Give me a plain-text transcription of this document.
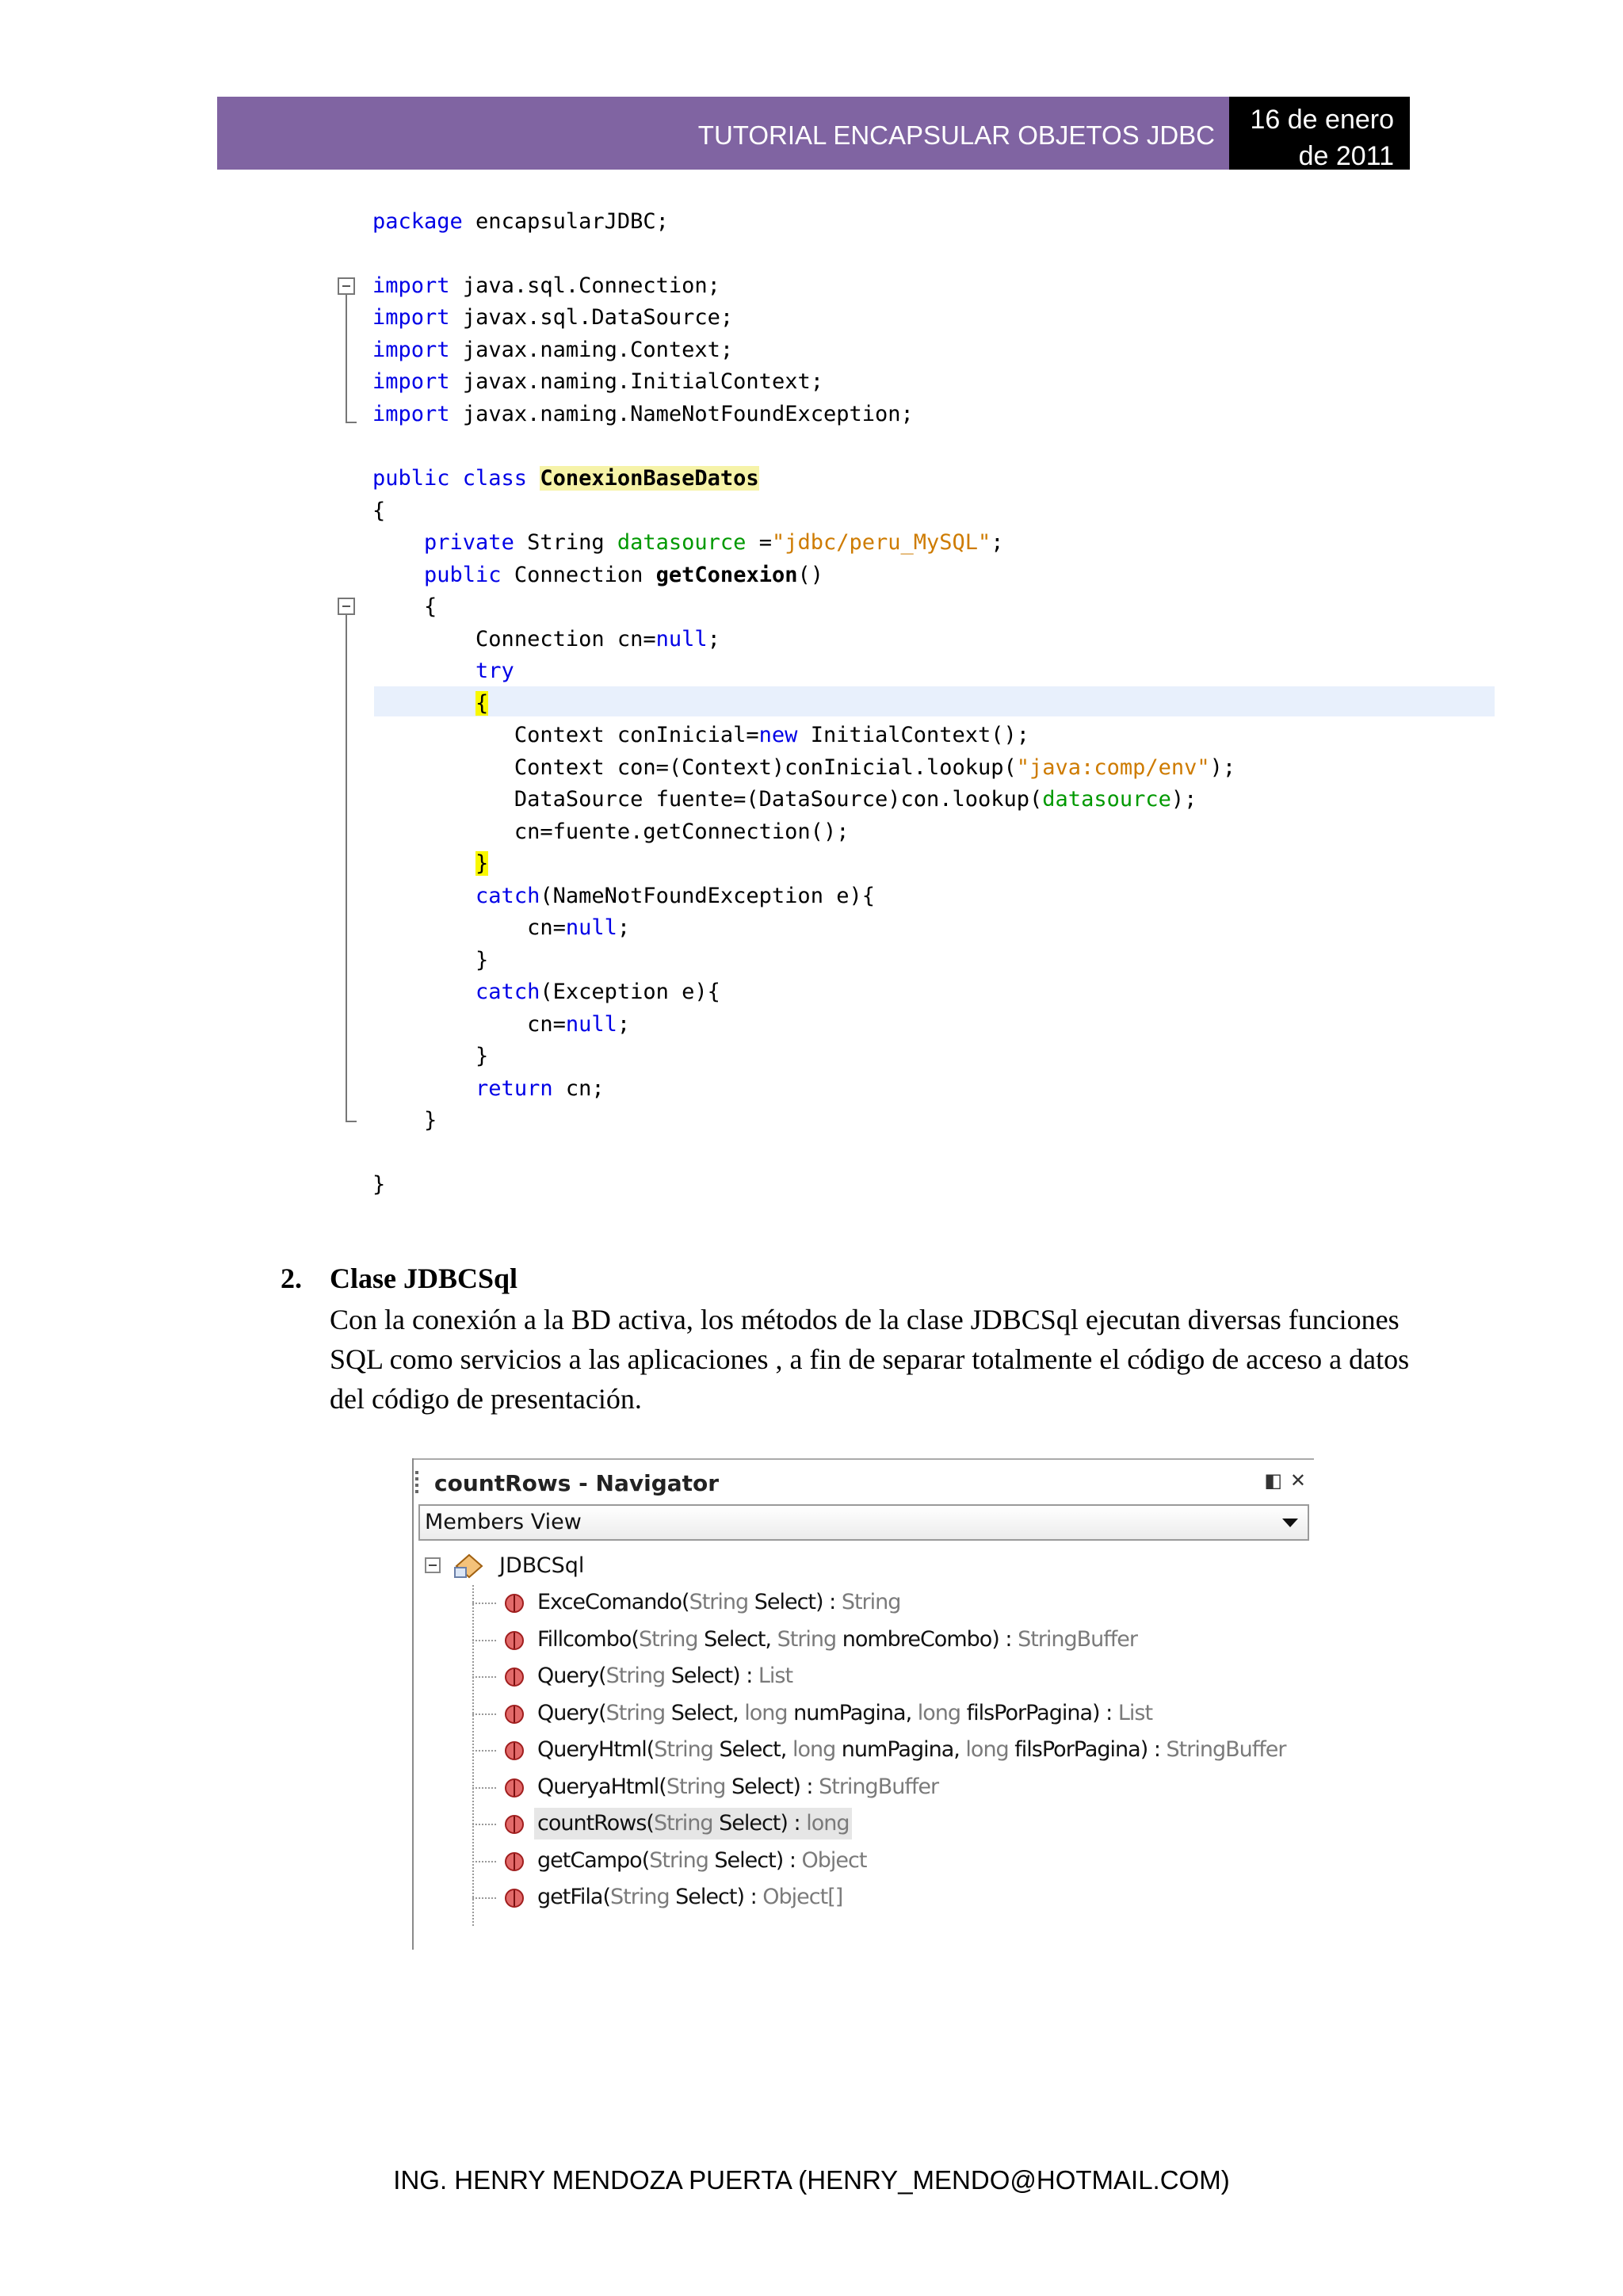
TUTORIAL ENCAPSULAR OBJETOS JDBC
16 de enero
de 2011
package encapsularJDBC;
import java.sql.Connection;
import javax.sql.DataSource;
import javax.naming.Context;
import javax.naming.InitialContext;
import javax.naming.NameNotFoundException;
public class ConexionBaseDatos
{
private String datasource ="jdbc/peru_MySQL";
public Connection getConexion()
{
Connection cn=null;
try
{
Context conInicial=new InitialContext();
Context con=(Context)conInicial.lookup("java:comp/env");
DataSource fuente=(DataSource)con.lookup(datasource);
cn=fuente.getConnection();
}
catch(NameNotFoundException e){
cn=null;
}
catch(Exception e){
cn=null;
}
return cn;
}
}
2. Clase JDBCSql
Con la conexión a la BD activa, los métodos de la clase JDBCSql ejecutan diversas funciones SQL como servicios a las aplicaciones , a fin de separar totalmente el código de acceso a datos del código de presentación.
countRows - Navigator	◧ ✕
Members View
JDBCSql
ExceComando(String Select) : String
Fillcombo(String Select, String nombreCombo) : StringBuffer
Query(String Select) : List
Query(String Select, long numPagina, long filsPorPagina) : List
QueryHtml(String Select, long numPagina, long filsPorPagina) : StringBuffer
QueryaHtml(String Select) : StringBuffer
countRows(String Select) : long
getCampo(String Select) : Object
getFila(String Select) : Object[]
ING. HENRY MENDOZA PUERTA (HENRY_MENDO@HOTMAIL.COM)
